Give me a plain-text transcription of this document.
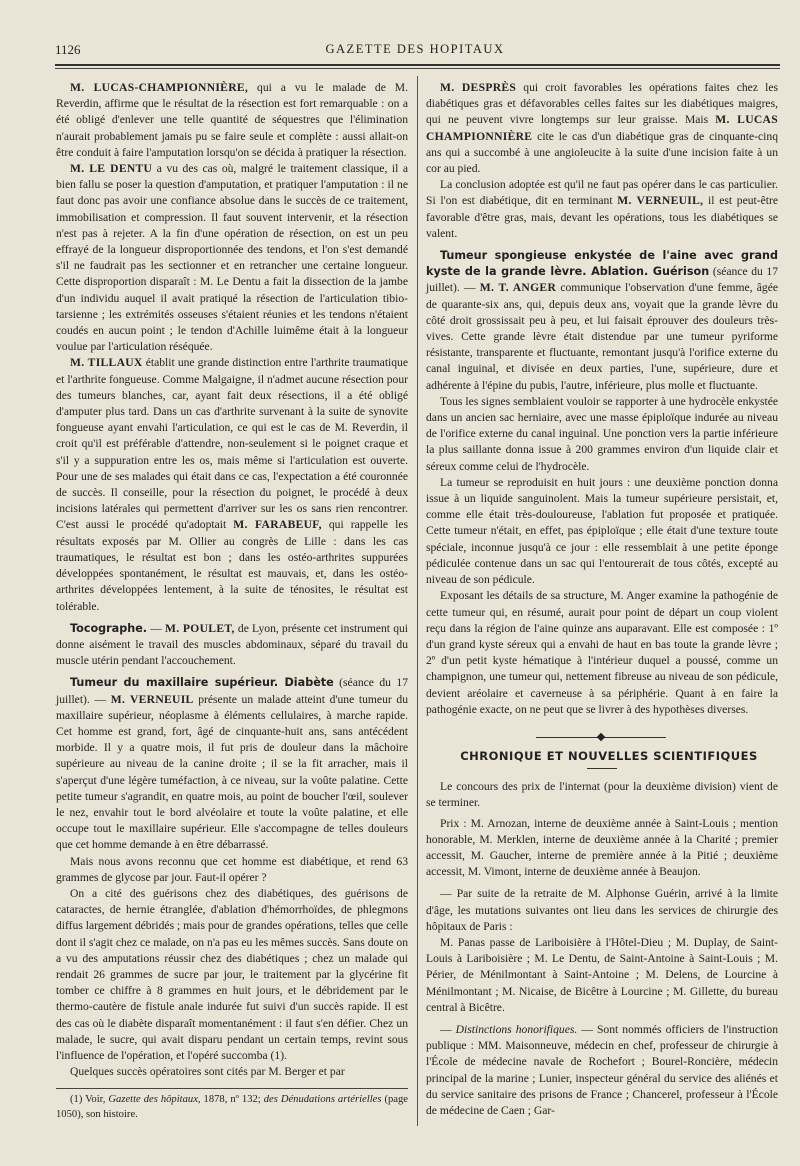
1126	GAZETTE DES HOPITAUX

M. LUCAS-CHAMPIONNIÈRE, qui a vu le malade de M. Reverdin, affirme que le résultat de la résection est fort remarquable : on a été obligé d'enlever une telle quantité de séquestres que l'élimination n'aurait probablement jamais pu se faire seule et complète : aussi allait-on être conduit à faire l'amputation lorsqu'on se décida à pratiquer la résection.

M. LE DENTU a vu des cas où, malgré le traitement classique, il a bien fallu se poser la question d'amputation, et pratiquer l'amputation : il ne faut donc pas avoir une confiance absolue dans le succès de ce traitement, immobilisation et compression. Il faut souvent intervenir, et la résection n'est pas à rejeter. A la fin d'une opération de résection, on est un peu effrayé de la longueur disproportionnée des tendons, et l'on s'est demandé s'il ne faudrait pas les sectionner et en retrancher une certaine longueur. Cette disproportion disparaît : M. Le Dentu a fait la dissection de la jambe d'un individu auquel il avait pratiqué la résection de l'articulation tibio-tarsienne ; les extrémités osseuses s'étaient réunies et les tendons n'étaient coudés en aucun point ; le tendon d'Achille luimême était à la longueur voulue par l'articulation réséquée.

M. TILLAUX établit une grande distinction entre l'arthrite traumatique et l'arthrite fongueuse. Comme Malgaigne, il n'admet aucune résection pour des tumeurs blanches, car, ayant fait deux résections, il a été obligé d'amputer plus tard. Dans un cas d'arthrite survenant à la suite de synovite fongueuse ayant envahi l'articulation, ce qui est le cas de M. Reverdin, il croit qu'il est préférable d'attendre, non-seulement si le poignet craque et s'il y a suppuration entre les os, mais même si l'articulation est ouverte. Pour une de ses malades qui était dans ce cas, l'expectation a été couronnée de succès. Il conseille, pour la résection du poignet, le procédé à deux incisions latérales qui permettent d'arriver sur les os sans rien rencontrer. C'est aussi le procédé qu'adoptait M. FARABEUF, qui rappelle les résultats exposés par M. Ollier au congrès de Lille : dans les cas traumatiques, le résultat est bon ; dans les ostéo-arthrites suppurées développées spontanément, le résultat est mauvais, et, dans les ostéo-arthrites développées lentement, à la suite de ténosites, le résultat est tolérable.

Tocographe. — M. POULET, de Lyon, présente cet instrument qui donne aisément le travail des muscles abdominaux, séparé du travail du muscle utérin pendant l'accouchement.

Tumeur du maxillaire supérieur. Diabète (séance du 17 juillet). — M. VERNEUIL présente un malade atteint d'une tumeur du maxillaire supérieur, néoplasme à éléments cellulaires, à marche rapide. Cet homme est grand, fort, âgé de cinquante-huit ans, sans antécédent morbide. Il y a quatre mois, il fut pris de douleur dans la mâchoire supérieure au niveau de la canine droite ; il se la fit arracher, mais il s'aperçut d'une légère tuméfaction, à ce niveau, sur la voûte palatine. Cette petite tumeur s'agrandit, en quatre mois, au point de boucher l'œil, soulever le nez, envahir tout le bord alvéolaire et toute la voûte palatine, et elle occupe tout le maxillaire supérieur. Elle s'accompagne de telles douleurs que cet homme demande à en être débarrassé.

Mais nous avons reconnu que cet homme est diabétique, et rend 63 grammes de glycose par jour. Faut-il opérer ?

On a cité des guérisons chez des diabétiques, des guérisons de cataractes, de hernie étranglée, d'ablation d'hémorrhoïdes, de phlegmons diffus largement débridés ; mais pour de grandes opérations, telles que celle dont il s'agit chez ce malade, on n'a pas eu les mêmes succès. Sans doute on a vu des amputations réussir chez des diabétiques ; chez un malade qui rendait 26 grammes de sucre par jour, le traitement par la glycérine fit tomber ce chiffre à 8 grammes en huit jours, et le débridement par le thermo-cautère de fistule anale indurée fut suivi d'un succès rapide. Il est des cas où le diabète disparaît momentanément : il faut s'en défier. Chez un malade, le sucre, qui avait disparu pendant un certain temps, revint sous l'influence de l'opération, et l'opéré succomba (1).

Quelques succès opératoires sont cités par M. Berger et par

(1) Voir, Gazette des hôpitaux, 1878, nº 132; des Dénudations artérielles (page 1050), son histoire.

M. DESPRÈS qui croit favorables les opérations faites chez les diabétiques gras et défavorables celles faites sur les diabétiques maigres, qui ne peuvent vivre longtemps sur leur graisse. Mais M. LUCAS CHAMPIONNIÈRE cite le cas d'un diabétique gras de cinquante-cinq ans qui a succombé à une angioleucite à la suite d'une incision faite à un cor au pied.

La conclusion adoptée est qu'il ne faut pas opérer dans le cas particulier. Si l'on est diabétique, dit en terminant M. VERNEUIL, il est peut-être favorable d'être gras, mais, devant les opérations, tous les diabétiques se valent.

Tumeur spongieuse enkystée de l'aine avec grand kyste de la grande lèvre. Ablation. Guérison (séance du 17 juillet). — M. T. ANGER communique l'observation d'une femme, âgée de quarante-six ans, qui, depuis deux ans, voyait que la grande lèvre du côté droit grossissait peu à peu, et lui faisait éprouver des douleurs très-vives. Cette grande lèvre était distendue par une tumeur pyriforme résistante, transparente et fluctuante, remontant jusqu'à l'orifice externe du canal inguinal, et divisée en deux parties, l'une, supérieure, dure et adhérente à l'épine du pubis, l'autre, inférieure, plus molle et fluctuante.

Tous les signes semblaient vouloir se rapporter à une hydrocèle enkystée dans un ancien sac herniaire, avec une masse épiploïque indurée au niveau de l'orifice externe du canal inguinal. Une ponction vers la partie inférieure la plus saillante donna issue à 200 grammes environ d'un liquide clair et séreux comme celui de l'hydrocèle.

La tumeur se reproduisit en huit jours : une deuxième ponction donna issue à un liquide sanguinolent. Mais la tumeur supérieure persistait, et, comme elle était très-douloureuse, l'ablation fut proposée et pratiquée. Cette tumeur n'était, en effet, pas épiploïque ; elle était d'une texture toute spéciale, inconnue jusqu'à ce jour : elle ressemblait à une petite éponge pédiculée contenue dans un sac qui l'entourerait de tous côtés, excepté au niveau de son pédicule.

Exposant les détails de sa structure, M. Anger examine la pathogénie de cette tumeur qui, en résumé, aurait pour point de départ un coup violent reçu dans la région de l'aine quinze ans auparavant. Elle est composée : 1º d'un grand kyste séreux qui a envahi de haut en bas toute la grande lèvre ; 2º d'un petit kyste hématique à l'intérieur duquel a poussé, comme un champignon, une tumeur qui, nettement fibreuse au niveau de son pédicule, devient aréolaire et caverneuse à sa périphérie. Quant à en faire la pathogénie exacte, on ne peut que se livrer à des hypothèses diverses.

CHRONIQUE ET NOUVELLES SCIENTIFIQUES

Le concours des prix de l'internat (pour la deuxième division) vient de se terminer.

Prix : M. Arnozan, interne de deuxième année à Saint-Louis ; mention honorable, M. Merklen, interne de deuxième année à la Charité ; premier accessit, M. Gaucher, interne de première année à la Pitié ; deuxième accessit, M. Vimont, interne de deuxième année à Beaujon.

— Par suite de la retraite de M. Alphonse Guérin, arrivé à la limite d'âge, les mutations suivantes ont lieu dans les services de chirurgie des hôpitaux de Paris :

M. Panas passe de Lariboisière à l'Hôtel-Dieu ; M. Duplay, de Saint-Louis à Lariboisière ; M. Le Dentu, de Saint-Antoine à Saint-Louis ; M. Périer, de Ménilmontant à Saint-Antoine ; M. Delens, de Lourcine à Ménilmontant ; M. Nicaise, de Bicêtre à Lourcine ; M. Gillette, du bureau central à Bicêtre.

— Distinctions honorifiques. — Sont nommés officiers de l'instruction publique : MM. Maisonneuve, médecin en chef, professeur de chirurgie à l'École de médecine navale de Rochefort ; Bourel-Roncière, médecin principal de la marine ; Lunier, inspecteur général du service des aliénés et du service sanitaire des prisons de France ; Chancerel, professeur à l'École de médecine de Caen ; Gar-
